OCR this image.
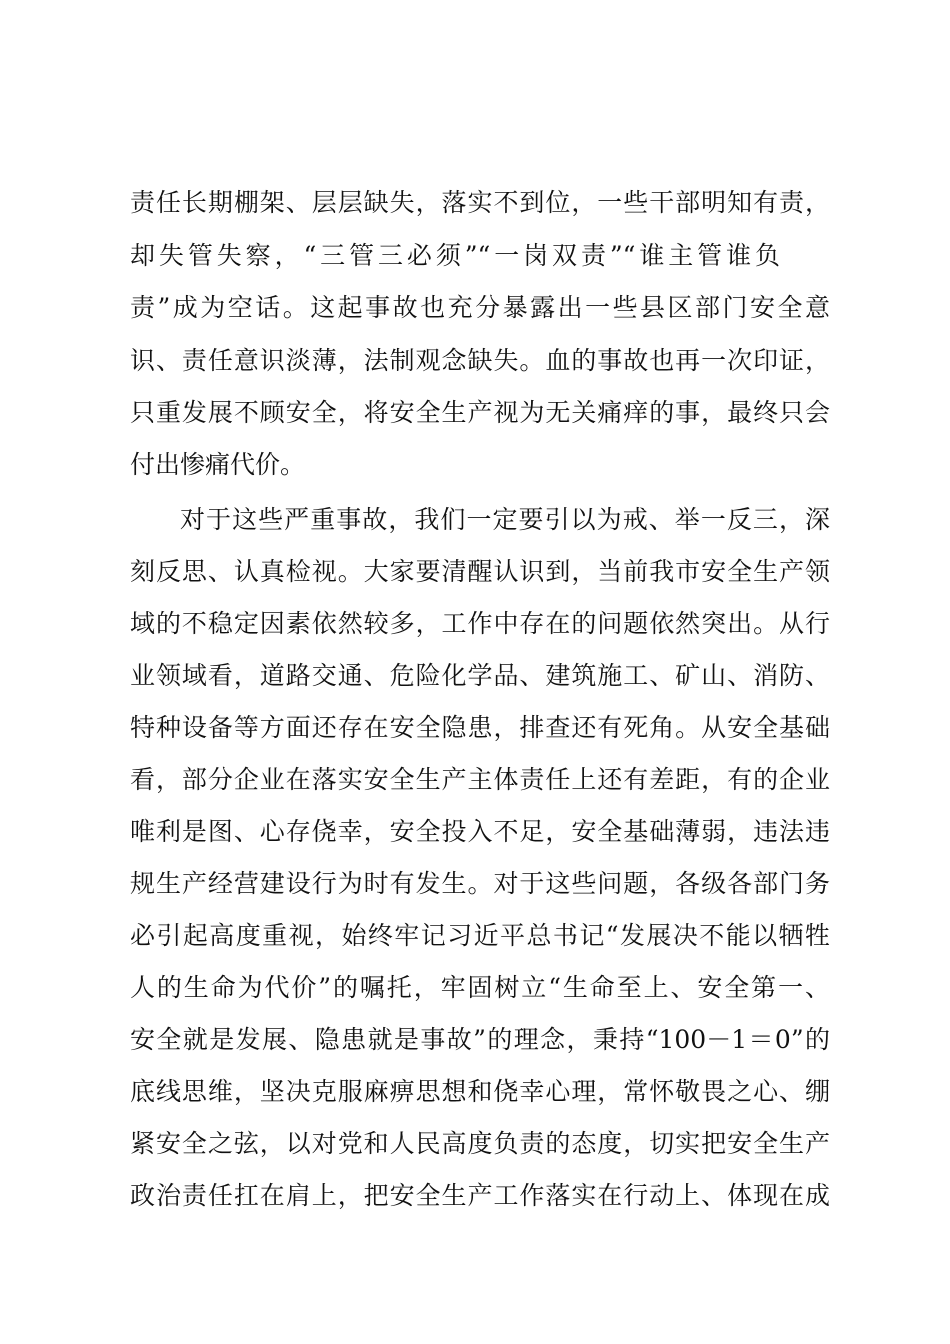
责任长期棚架、层层缺失，落实不到位，一些干部明知有责，
却失管失察，“三管三必须”“一岗双责”“谁主管谁负
责”成为空话。这起事故也充分暴露出一些县区部门安全意
识、责任意识淡薄，法制观念缺失。血的事故也再一次印证，
只重发展不顾安全，将安全生产视为无关痛痒的事，最终只会
付出惨痛代价。
对于这些严重事故，我们一定要引以为戒、举一反三，深
刻反思、认真检视。大家要清醒认识到，当前我市安全生产领
域的不稳定因素依然较多，工作中存在的问题依然突出。从行
业领域看，道路交通、危险化学品、建筑施工、矿山、消防、
特种设备等方面还存在安全隐患，排查还有死角。从安全基础
看，部分企业在落实安全生产主体责任上还有差距，有的企业
唯利是图、心存侥幸，安全投入不足，安全基础薄弱，违法违
规生产经营建设行为时有发生。对于这些问题，各级各部门务
必引起高度重视，始终牢记习近平总书记“发展决不能以牺牲
人的生命为代价”的嘱托，牢固树立“生命至上、安全第一、
安全就是发展、隐患就是事故”的理念，秉持“100－1＝0”的
底线思维，坚决克服麻痹思想和侥幸心理，常怀敬畏之心、绷
紧安全之弦，以对党和人民高度负责的态度，切实把安全生产
政治责任扛在肩上，把安全生产工作落实在行动上、体现在成
